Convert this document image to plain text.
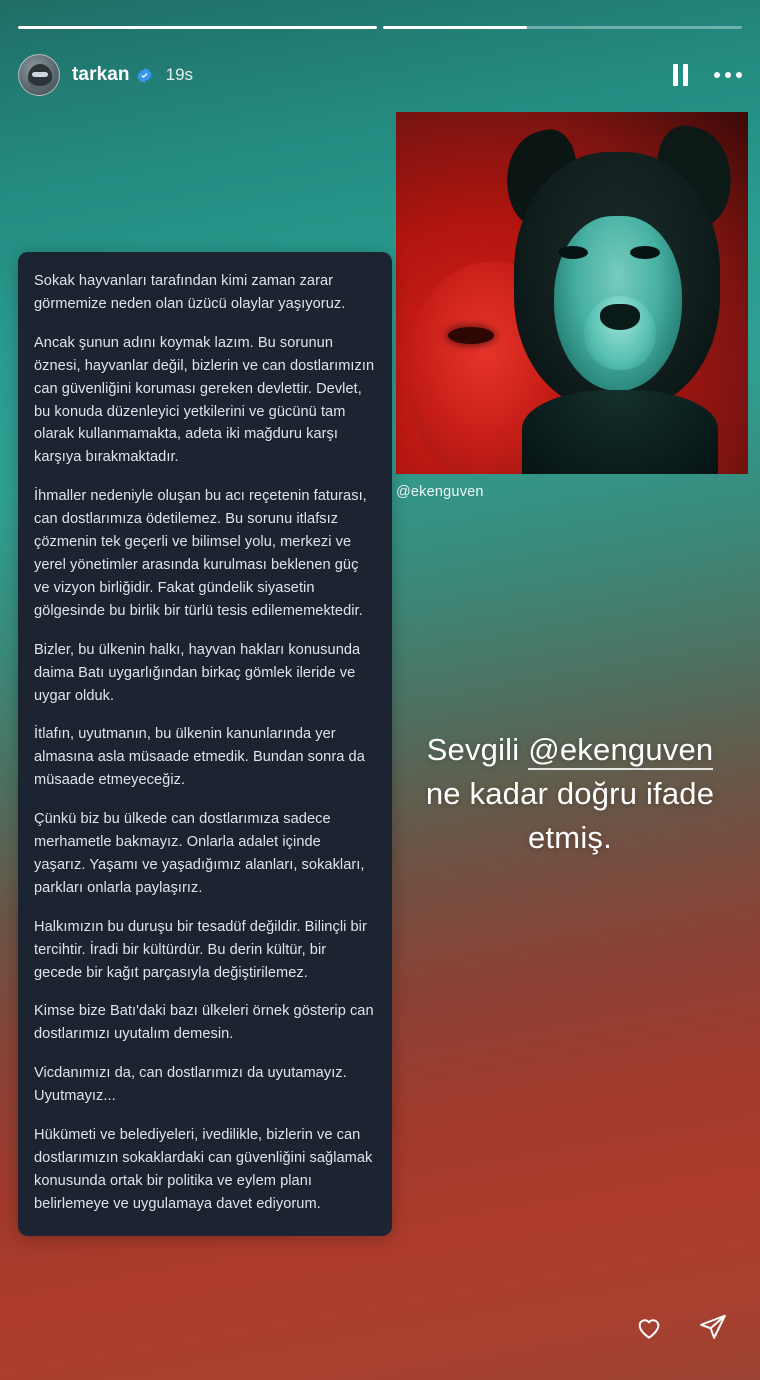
tarkan 19s
@ekenguven

Sokak hayvanları tarafından kimi zaman zarar görmemize neden olan üzücü olaylar yaşıyoruz.

Ancak şunun adını koymak lazım. Bu sorunun öznesi, hayvanlar değil, bizlerin ve can dostlarımızın can güvenliğini koruması gereken devlettir. Devlet, bu konuda düzenleyici yetkilerini ve gücünü tam olarak kullanmamakta, adeta iki mağduru karşı karşıya bırakmaktadır.

İhmaller nedeniyle oluşan bu acı reçetenin faturası, can dostlarımıza ödetilemez. Bu sorunu itlafsız çözmenin tek geçerli ve bilimsel yolu, merkezi ve yerel yönetimler arasında kurulması beklenen güç ve vizyon birliğidir. Fakat gündelik siyasetin gölgesinde bu birlik bir türlü tesis edilememektedir.

Bizler, bu ülkenin halkı, hayvan hakları konusunda daima Batı uygarlığından birkaç gömlek ileride ve uygar olduk.

İtlafın, uyutmanın, bu ülkenin kanunlarında yer almasına asla müsaade etmedik. Bundan sonra da müsaade etmeyeceğiz.

Çünkü biz bu ülkede can dostlarımıza sadece merhametle bakmayız. Onlarla adalet içinde yaşarız. Yaşamı ve yaşadığımız alanları, sokakları, parkları onlarla paylaşırız.

Halkımızın bu duruşu bir tesadüf değildir. Bilinçli bir tercihtir. İradi bir kültürdür. Bu derin kültür, bir gecede bir kağıt parçasıyla değiştirilemez.

Kimse bize Batı'daki bazı ülkeleri örnek gösterip can dostlarımızı uyutalım demesin.

Vicdanımızı da, can dostlarımızı da uyutamayız. Uyutmayız...

Hükümeti ve belediyeleri, ivedilikle, bizlerin ve can dostlarımızın sokaklardaki can güvenliğini sağlamak konusunda ortak bir politika ve eylem planı belirlemeye ve uygulamaya davet ediyorum.

Sevgili @ekenguven
ne kadar doğru ifade
etmiş.
